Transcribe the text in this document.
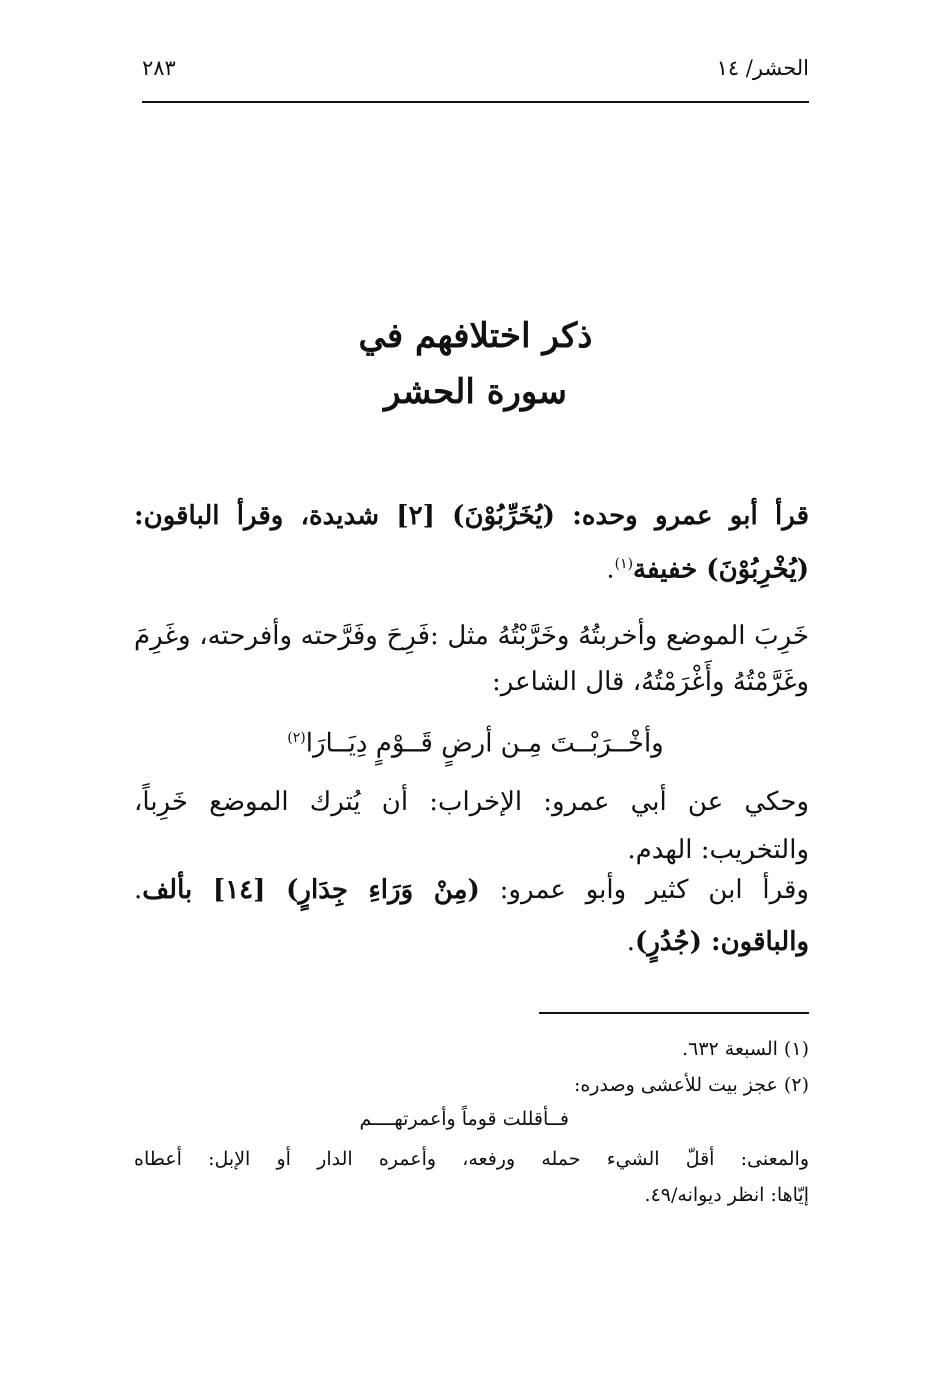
الحشر/ ١٤
٢٨٣
ذكر اختلافهم في
سورة الحشر
قرأ أبو عمرو وحده: (يُخَرِّبُوْنَ) [٢] شديدة، وقرأ الباقون:
(يُخْرِبُوْنَ) خفيفة$^{(١)}$.
خَرِبَ الموضع وأخربتُهُ وخَرَّبْتُهُ مثل :فَرِحَ وفَرَّحته وأفرحته، وغَرِمَ
وغَرَّمْتُهُ وأَغْرَمْتُهُ، قال الشاعر:
وأخْــرَبْــتَ مِـن أرضٍ قَــوْمٍ دِيَــارَا$^{(٢)}$
وحكي عن أبي عمرو: الإخراب: أن يُترك الموضع خَرِباً،
والتخريب: الهدم.
وقرأ ابن كثير وأبو عمرو: (مِنْ وَرَاءِ جِدَارٍ) [١٤] بألف.
والباقون: (جُدُرٍ).
(١) السبعة ٦٣٢.
(٢) عجز بيت للأعشى وصدره:
فــأقللت قوماً وأعمرتهــــم
والمعنى: أقلّ الشيء حمله ورفعه، وأعمره الدار أو الإبل: أعطاه
إيّاها: انظر ديوانه/٤٩.
